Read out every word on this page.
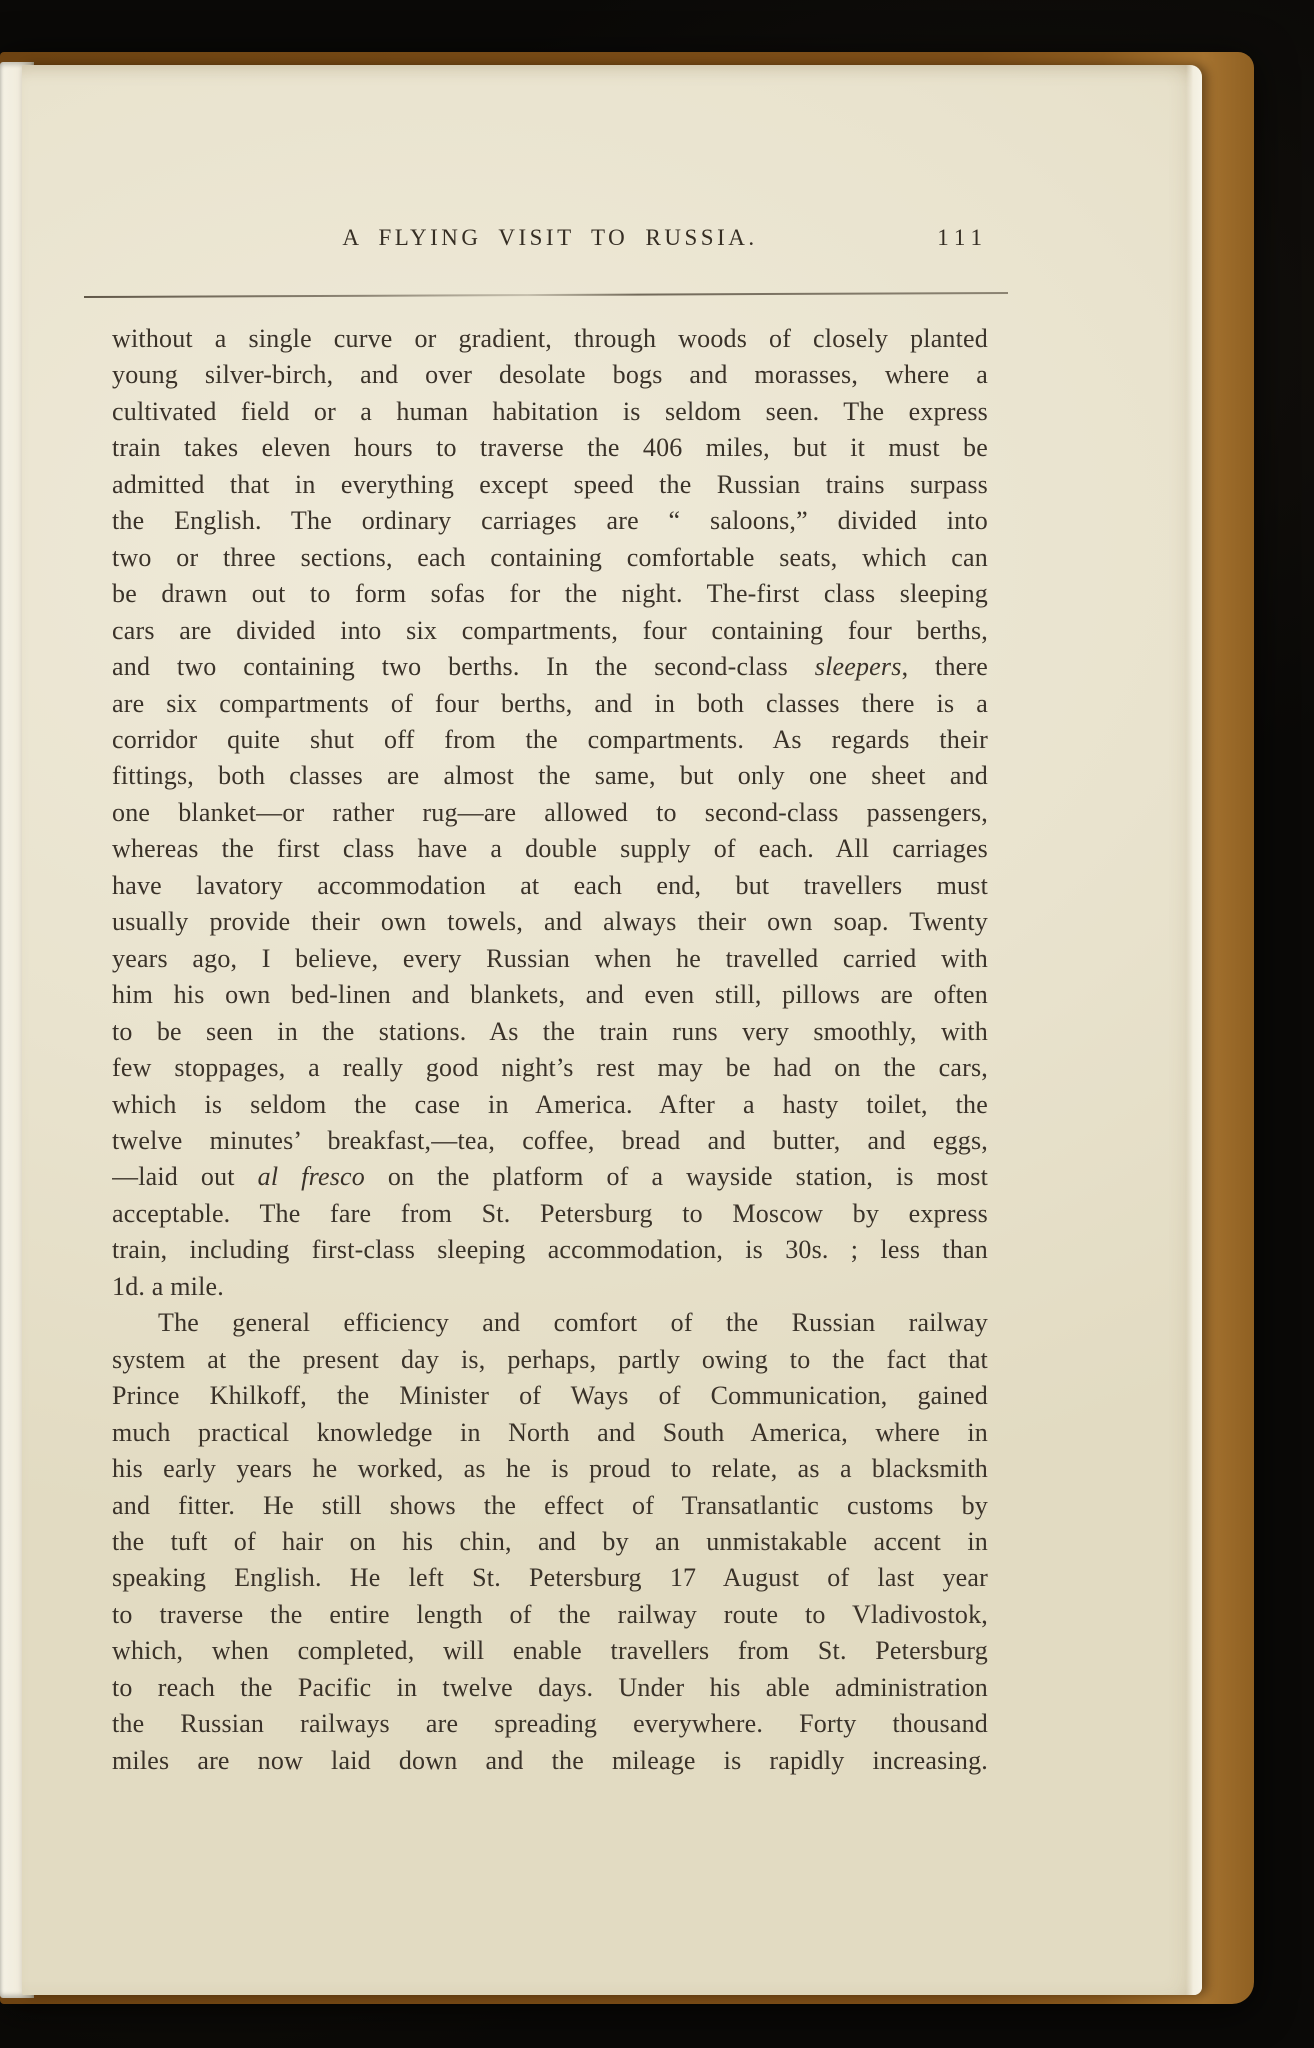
A FLYING VISIT TO RUSSIA.	111
without a single curve or gradient, through woods of closely planted
young silver-birch, and over desolate bogs and morasses, where a
cultivated field or a human habitation is seldom seen. The express
train takes eleven hours to traverse the 406 miles, but it must be
admitted that in everything except speed the Russian trains surpass
the English. The ordinary carriages are “ saloons,” divided into
two or three sections, each containing comfortable seats, which can
be drawn out to form sofas for the night. The-first class sleeping
cars are divided into six compartments, four containing four berths,
and two containing two berths. In the second-class sleepers, there
are six compartments of four berths, and in both classes there is a
corridor quite shut off from the compartments. As regards their
fittings, both classes are almost the same, but only one sheet and
one blanket—or rather rug—are allowed to second-class passengers,
whereas the first class have a double supply of each. All carriages
have lavatory accommodation at each end, but travellers must
usually provide their own towels, and always their own soap. Twenty
years ago, I believe, every Russian when he travelled carried with
him his own bed-linen and blankets, and even still, pillows are often
to be seen in the stations. As the train runs very smoothly, with
few stoppages, a really good night’s rest may be had on the cars,
which is seldom the case in America. After a hasty toilet, the
twelve minutes’ breakfast,—tea, coffee, bread and butter, and eggs,
—laid out al fresco on the platform of a wayside station, is most
acceptable. The fare from St. Petersburg to Moscow by express
train, including first-class sleeping accommodation, is 30s. ; less than
1d. a mile.
The general efficiency and comfort of the Russian railway
system at the present day is, perhaps, partly owing to the fact that
Prince Khilkoff, the Minister of Ways of Communication, gained
much practical knowledge in North and South America, where in
his early years he worked, as he is proud to relate, as a blacksmith
and fitter. He still shows the effect of Transatlantic customs by
the tuft of hair on his chin, and by an unmistakable accent in
speaking English. He left St. Petersburg 17 August of last year
to traverse the entire length of the railway route to Vladivostok,
which, when completed, will enable travellers from St. Petersburg
to reach the Pacific in twelve days. Under his able administration
the Russian railways are spreading everywhere. Forty thousand
miles are now laid down and the mileage is rapidly increasing.
